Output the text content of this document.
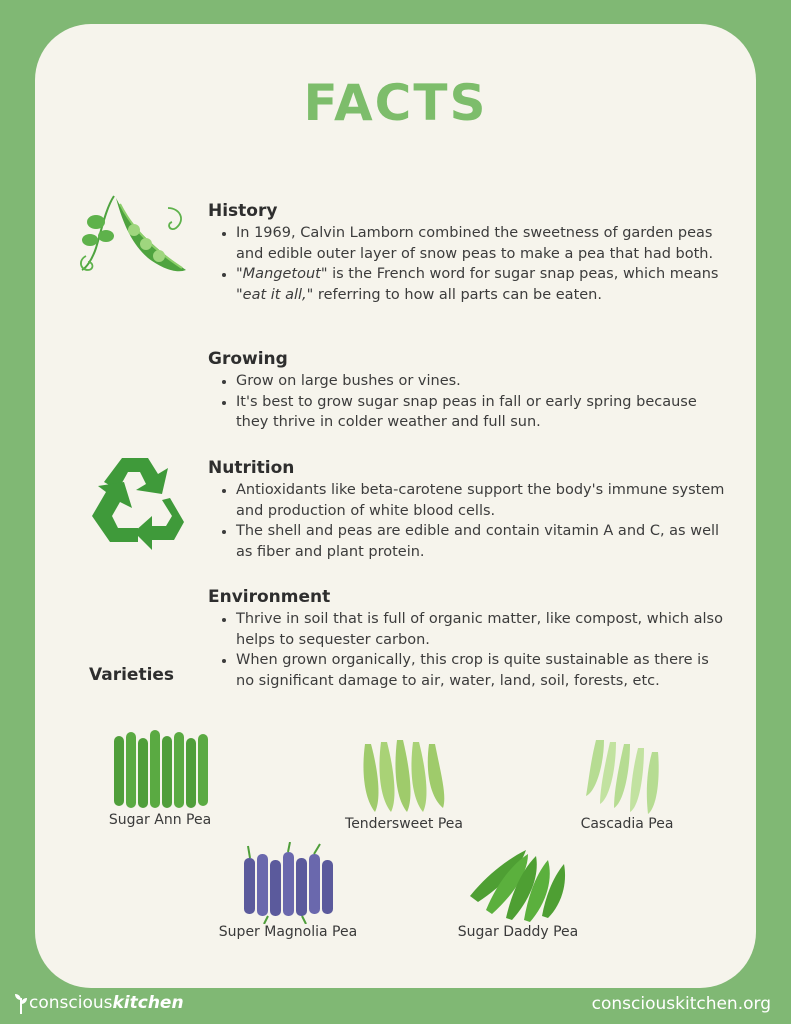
FACTS
History
• In 1969, Calvin Lamborn combined the sweetness of garden peas and edible outer layer of snow peas to make a pea that had both.
• "Mangetout" is the French word for sugar snap peas, which means "eat it all," referring to how all parts can be eaten.
Growing
• Grow on large bushes or vines.
• It's best to grow sugar snap peas in fall or early spring because they thrive in colder weather and full sun.
Nutrition
• Antioxidants like beta-carotene support the body's immune system and production of white blood cells.
• The shell and peas are edible and contain vitamin A and C, as well as fiber and plant protein.
Environment
• Thrive in soil that is full of organic matter, like compost, which also helps to sequester carbon.
• When grown organically, this crop is quite sustainable as there is no significant damage to air, water, land, soil, forests, etc.
Varieties
Sugar Ann Pea	Tendersweet Pea	Cascadia Pea
Super Magnolia Pea	Sugar Daddy Pea
conscious kitchen	consciouskitchen.org
